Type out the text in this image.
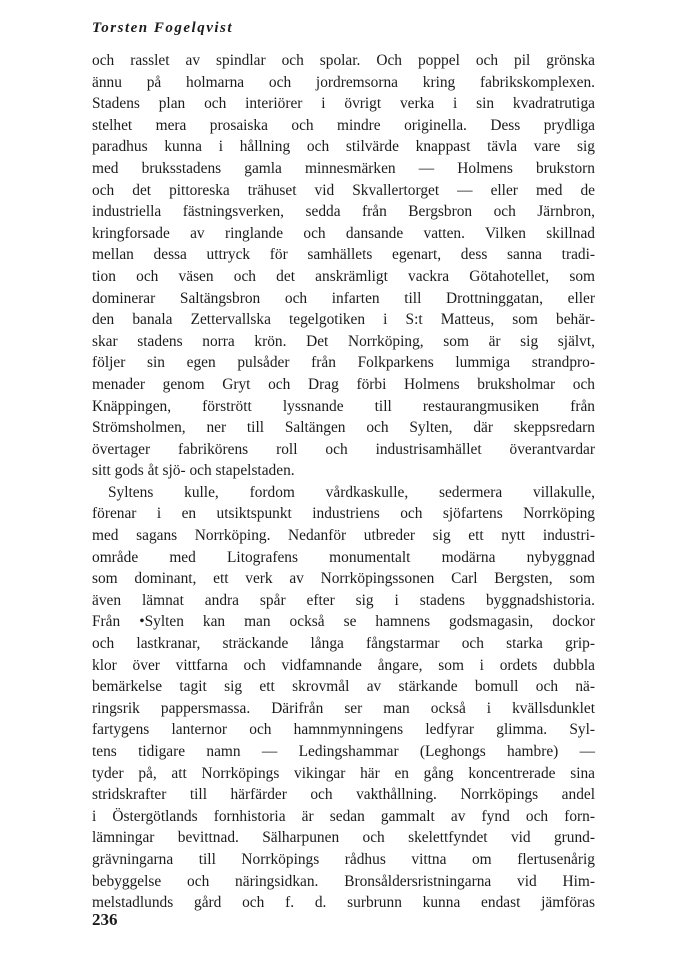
Torsten Fogelqvist
och rasslet av spindlar och spolar. Och poppel och pil grönska
ännu på holmarna och jordremsorna kring fabrikskomplexen.
Stadens plan och interiörer i övrigt verka i sin kvadratrutiga
stelhet mera prosaiska och mindre originella. Dess prydliga
paradhus kunna i hållning och stilvärde knappast tävla vare sig
med bruksstadens gamla minnesmärken — Holmens brukstorn
och det pittoreska trähuset vid Skvallertorget — eller med de
industriella fästningsverken, sedda från Bergsbron och Järnbron,
kringforsade av ringlande och dansande vatten. Vilken skillnad
mellan dessa uttryck för samhällets egenart, dess sanna tradi-
tion och väsen och det anskrämligt vackra Götahotellet, som
dominerar Saltängsbron och infarten till Drottninggatan, eller
den banala Zettervallska tegelgotiken i S:t Matteus, som behär-
skar stadens norra krön. Det Norrköping, som är sig självt,
följer sin egen pulsåder från Folkparkens lummiga strandpro-
menader genom Gryt och Drag förbi Holmens bruksholmar och
Knäppingen, förstrött lyssnande till restaurangmusiken från
Strömsholmen, ner till Saltängen och Sylten, där skeppsredarn
övertager fabrikörens roll och industrisamhället överantvardar
sitt gods åt sjö- och stapelstaden.
Syltens kulle, fordom vårdkaskulle, sedermera villakulle,
förenar i en utsiktspunkt industriens och sjöfartens Norrköping
med sagans Norrköping. Nedanför utbreder sig ett nytt industri-
område med Litografens monumentalt modärna nybyggnad
som dominant, ett verk av Norrköpingssonen Carl Bergsten, som
även lämnat andra spår efter sig i stadens byggnadshistoria.
Från •Sylten kan man också se hamnens godsmagasin, dockor
och lastkranar, sträckande långa fångstarmar och starka grip-
klor över vittfarna och vidfamnande ångare, som i ordets dubbla
bemärkelse tagit sig ett skrovmål av stärkande bomull och nä-
ringsrik pappersmassa. Därifrån ser man också i kvällsdunklet
fartygens lanternor och hamnmynningens ledfyrar glimma. Syl-
tens tidigare namn — Ledingshammar (Leghongs hambre) —
tyder på, att Norrköpings vikingar här en gång koncentrerade sina
stridskrafter till härfärder och vakthållning. Norrköpings andel
i Östergötlands fornhistoria är sedan gammalt av fynd och forn-
lämningar bevittnad. Sälharpunen och skelettfyndet vid grund-
grävningarna till Norrköpings rådhus vittna om flertusenårig
bebyggelse och näringsidkan. Bronsåldersristningarna vid Him-
melstadlunds gård och f. d. surbrunn kunna endast jämföras
236
